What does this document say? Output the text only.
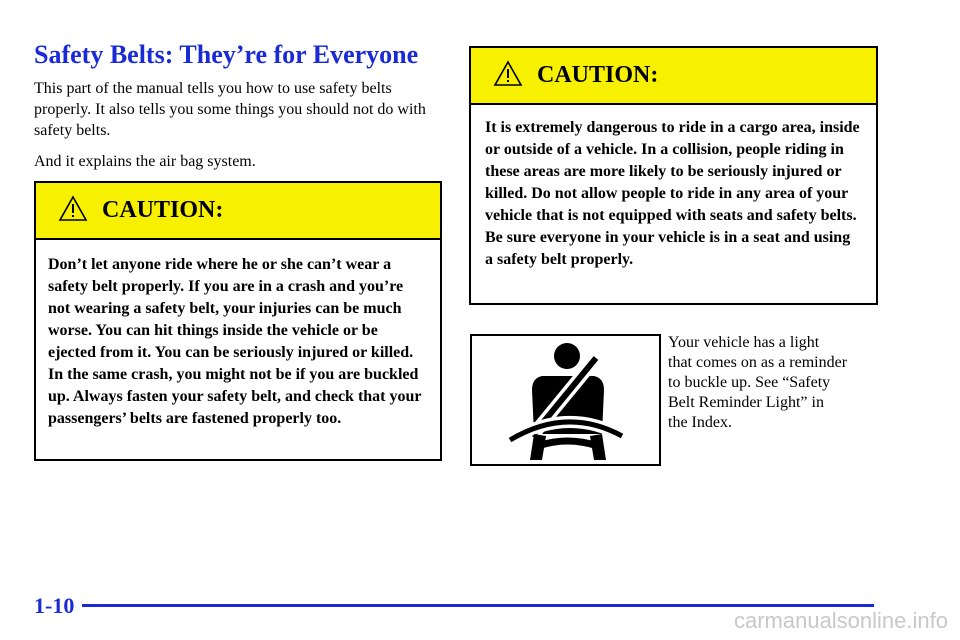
Safety Belts: They’re for Everyone

This part of the manual tells you how to use safety belts properly. It also tells you some things you should not do with safety belts.

And it explains the air bag system.

CAUTION:
Don’t let anyone ride where he or she can’t wear a safety belt properly. If you are in a crash and you’re not wearing a safety belt, your injuries can be much worse. You can hit things inside the vehicle or be ejected from it. You can be seriously injured or killed. In the same crash, you might not be if you are buckled up. Always fasten your safety belt, and check that your passengers’ belts are fastened properly too.
CAUTION:
It is extremely dangerous to ride in a cargo area, inside or outside of a vehicle. In a collision, people riding in these areas are more likely to be seriously injured or killed. Do not allow people to ride in any area of your vehicle that is not equipped with seats and safety belts. Be sure everyone in your vehicle is in a seat and using a safety belt properly.
Your vehicle has a light
that comes on as a reminder
to buckle up. See “Safety
Belt Reminder Light” in
the Index.
1-10
carmanualsonline.info
